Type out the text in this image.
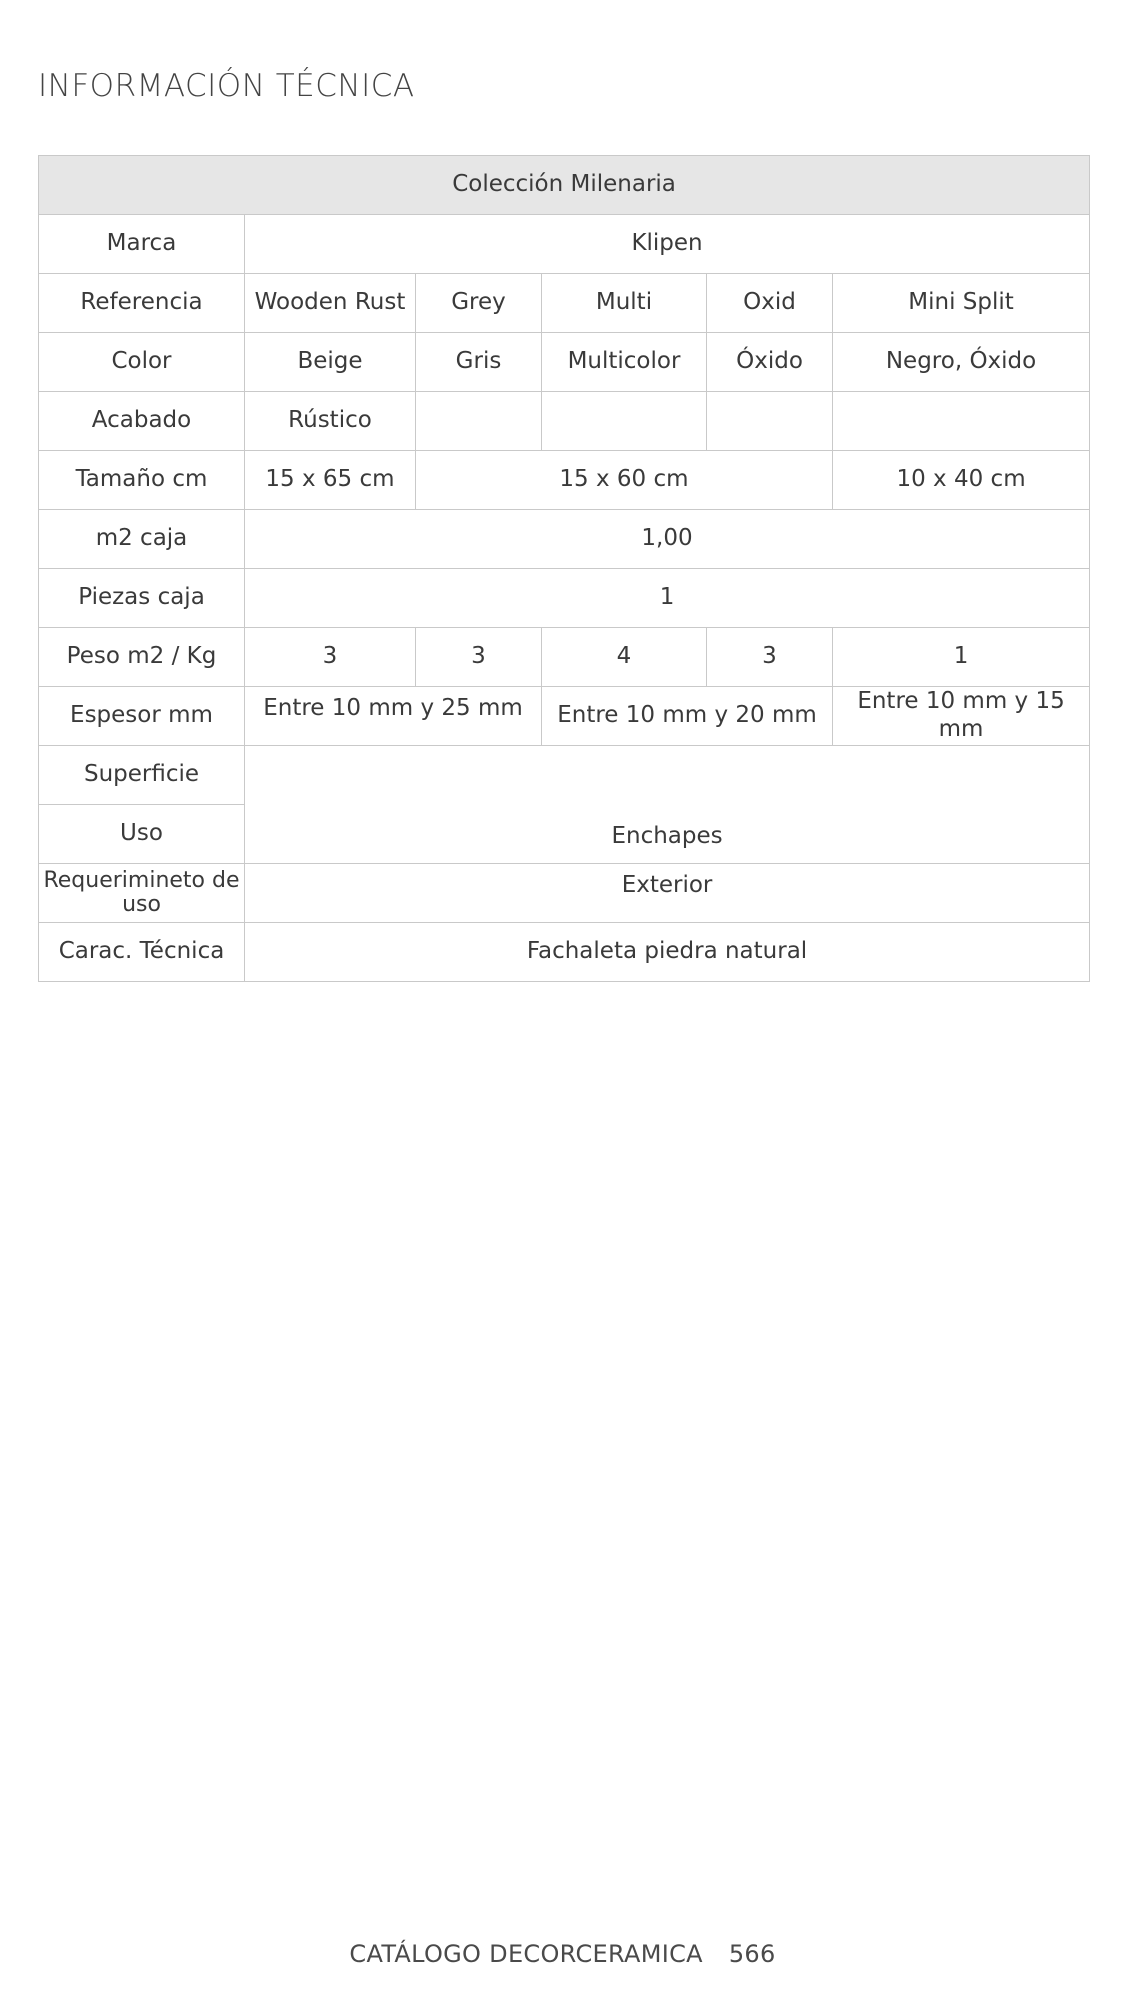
INFORMACIÓN TÉCNICA
Colección Milenaria					
Marca	Klipen				
Referencia	Wooden Rust	Grey	Multi	Oxid	Mini Split
Color	Beige	Gris	Multicolor	Óxido	Negro, Óxido
Acabado	Rústico				
Tamaño cm	15 x 65 cm	15 x 60 cm			10 x 40 cm
m2 caja	1,00				
Piezas caja	1				
Peso m2 / Kg	3	3	4	3	1
Espesor mm	Entre 10 mm y 25 mm		Entre 10 mm y 20 mm		Entre 10 mm y 15 mm
Superficie	Enchapes				
Uso					
Requerimineto de uso	Exterior				
Carac. Técnica	Fachaleta piedra natural				
CATÁLOGO DECORCERAMICA 566
